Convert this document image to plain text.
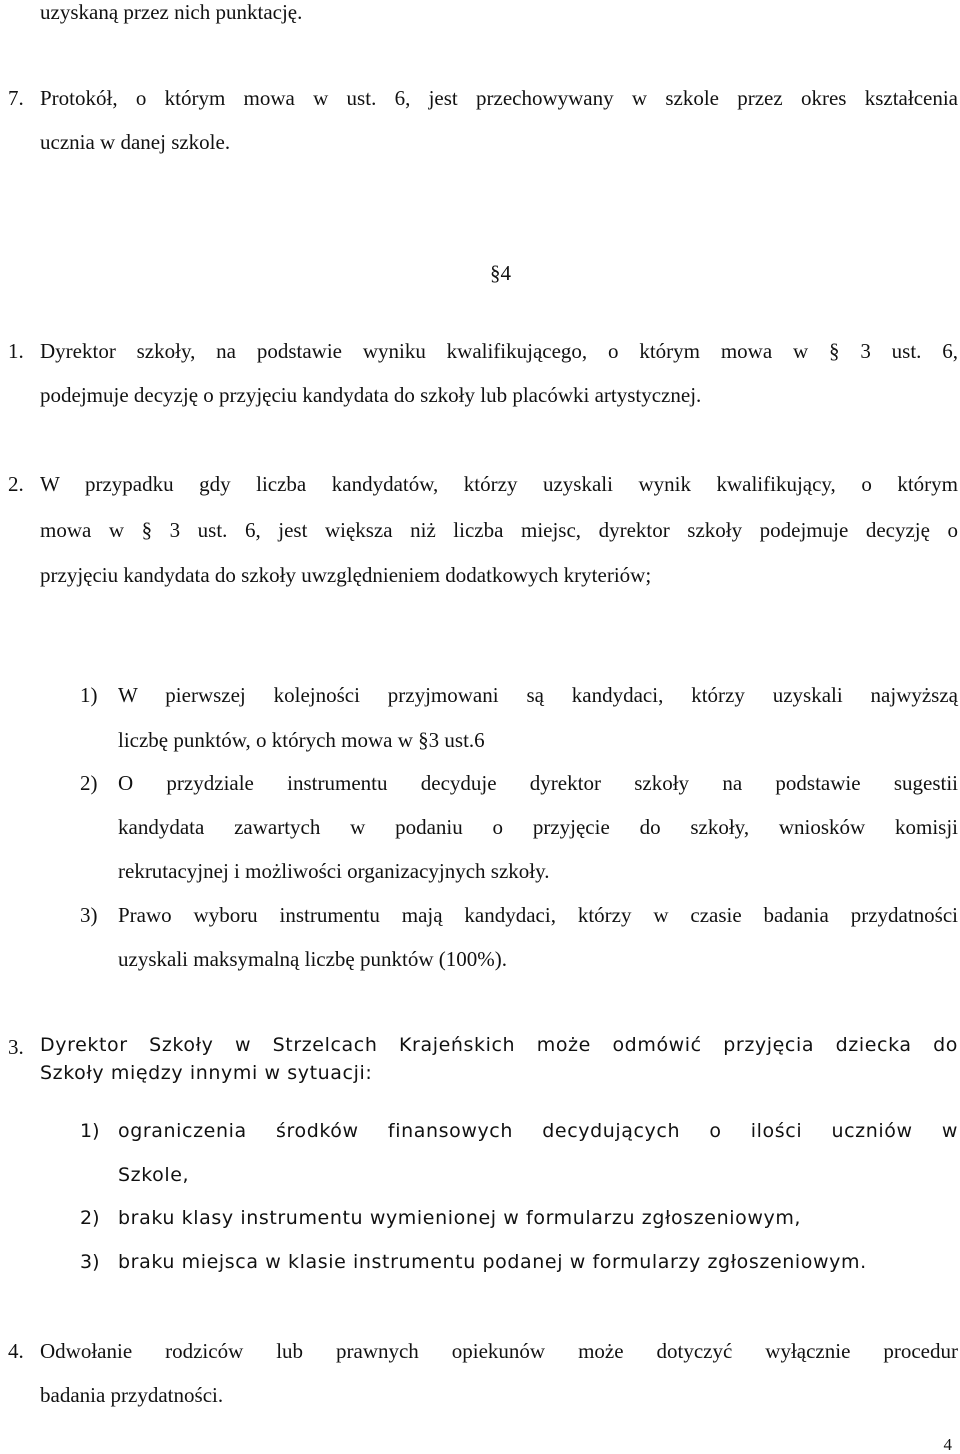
uzyskaną przez nich punktację.
7. Protokół, o którym mowa w ust. 6, jest przechowywany w szkole przez okres kształcenia
ucznia w danej szkole.
§4
1. Dyrektor szkoły, na podstawie wyniku kwalifikującego, o którym mowa w § 3 ust. 6,
podejmuje decyzję o przyjęciu kandydata do szkoły lub placówki artystycznej.
2. W przypadku gdy liczba kandydatów, którzy uzyskali wynik kwalifikujący, o którym
mowa w § 3 ust. 6, jest większa niż liczba miejsc, dyrektor szkoły podejmuje decyzję o
przyjęciu kandydata do szkoły uwzględnieniem dodatkowych kryteriów;
1) W pierwszej kolejności przyjmowani są kandydaci, którzy uzyskali najwyższą
liczbę punktów, o których mowa w §3 ust.6
2) O przydziale instrumentu decyduje dyrektor szkoły na podstawie sugestii
kandydata zawartych w podaniu o przyjęcie do szkoły, wniosków komisji
rekrutacyjnej i możliwości organizacyjnych szkoły.
3) Prawo wyboru instrumentu mają kandydaci, którzy w czasie badania przydatności
uzyskali maksymalną liczbę punktów (100%).
3. Dyrektor Szkoły w Strzelcach Krajeńskich może odmówić przyjęcia dziecka do
Szkoły między innymi w sytuacji:
1) ograniczenia środków finansowych decydujących o ilości uczniów w
Szkole,
2) braku klasy instrumentu wymienionej w formularzu zgłoszeniowym,
3) braku miejsca w klasie instrumentu podanej w formularzy zgłoszeniowym.
4. Odwołanie rodziców lub prawnych opiekunów może dotyczyć wyłącznie procedur
badania przydatności.
4
